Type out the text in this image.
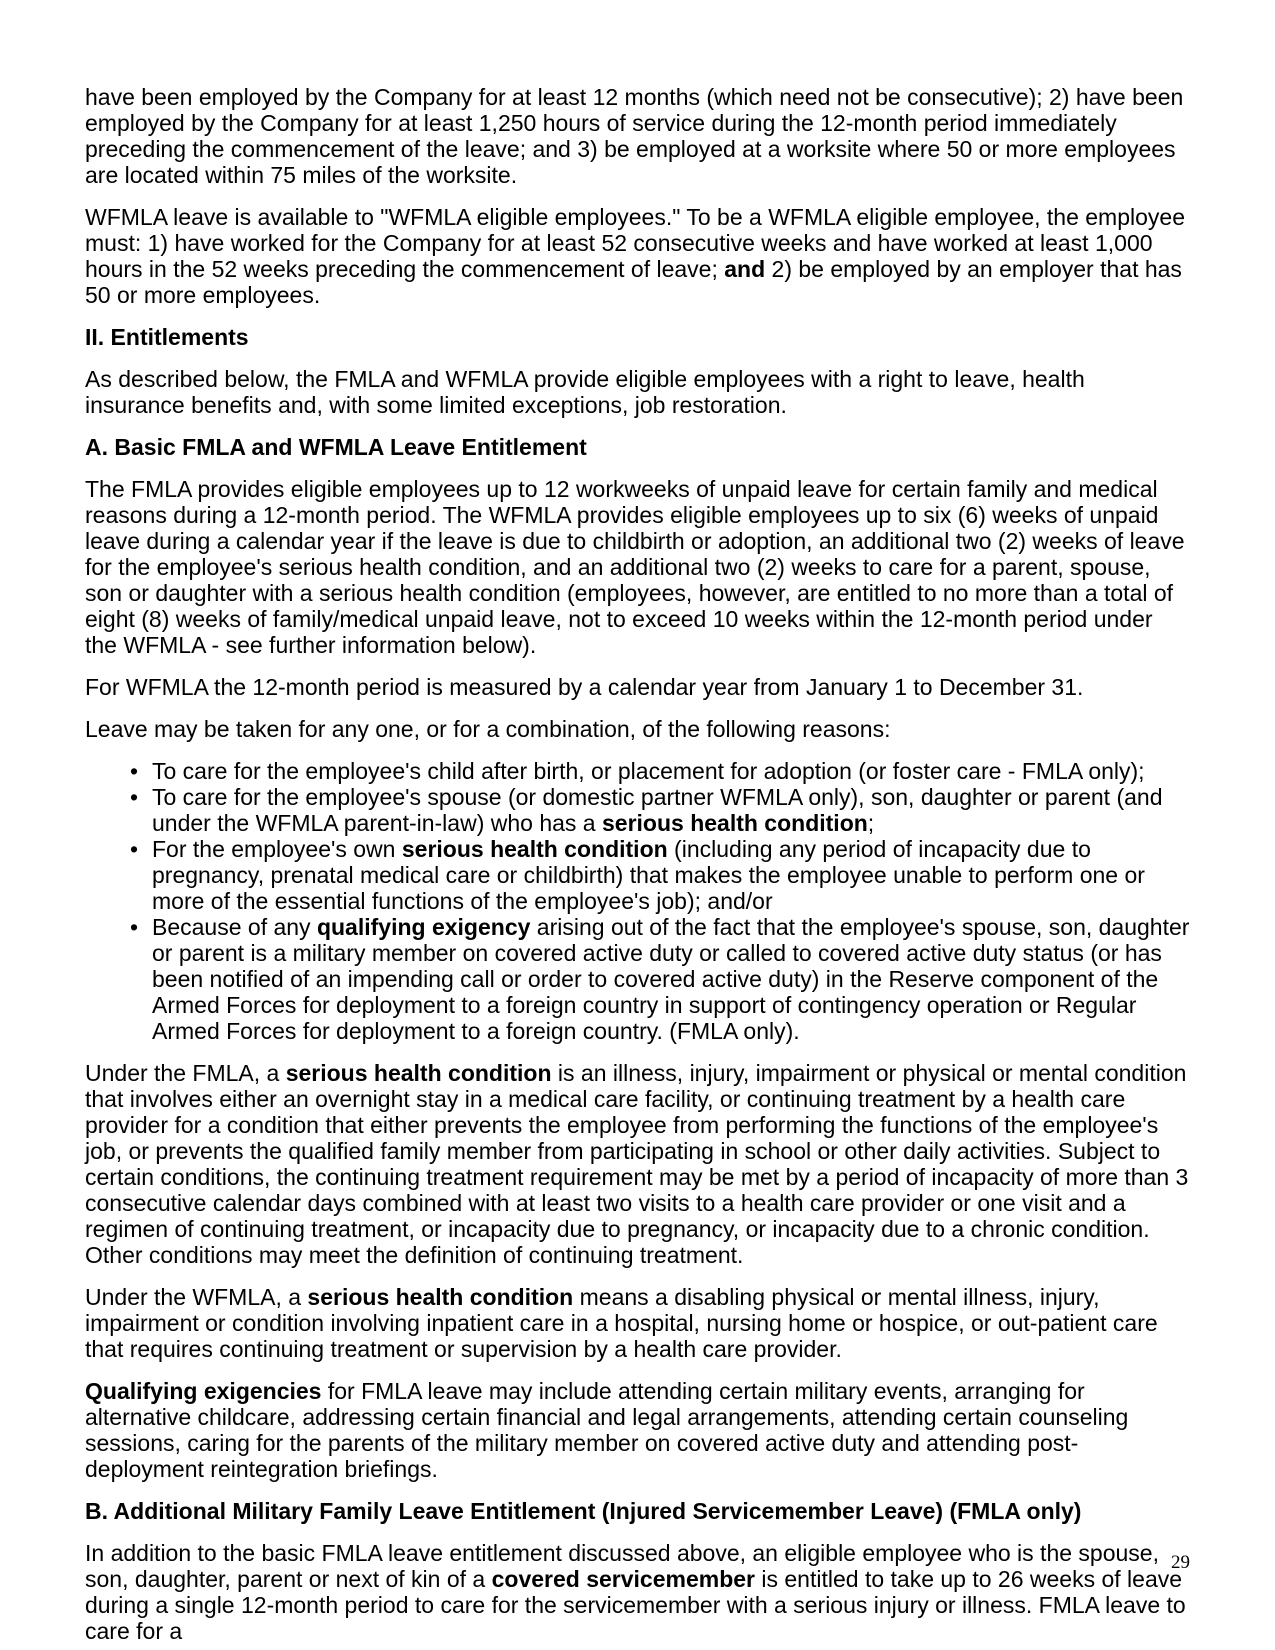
have been employed by the Company for at least 12 months (which need not be consecutive); 2) have been employed by the Company for at least 1,250 hours of service during the 12-month period immediately preceding the commencement of the leave; and 3) be employed at a worksite where 50 or more employees are located within 75 miles of the worksite.

WFMLA leave is available to "WFMLA eligible employees." To be a WFMLA eligible employee, the employee must: 1) have worked for the Company for at least 52 consecutive weeks and have worked at least 1,000 hours in the 52 weeks preceding the commencement of leave; and 2) be employed by an employer that has 50 or more employees.

II. Entitlements

As described below, the FMLA and WFMLA provide eligible employees with a right to leave, health insurance benefits and, with some limited exceptions, job restoration.

A. Basic FMLA and WFMLA Leave Entitlement

The FMLA provides eligible employees up to 12 workweeks of unpaid leave for certain family and medical reasons during a 12-month period. The WFMLA provides eligible employees up to six (6) weeks of unpaid leave during a calendar year if the leave is due to childbirth or adoption, an additional two (2) weeks of leave for the employee's serious health condition, and an additional two (2) weeks to care for a parent, spouse, son or daughter with a serious health condition (employees, however, are entitled to no more than a total of eight (8) weeks of family/medical unpaid leave, not to exceed 10 weeks within the 12-month period under the WFMLA - see further information below).

For WFMLA the 12-month period is measured by a calendar year from January 1 to December 31.

Leave may be taken for any one, or for a combination, of the following reasons:

• To care for the employee's child after birth, or placement for adoption (or foster care - FMLA only);
• To care for the employee's spouse (or domestic partner WFMLA only), son, daughter or parent (and under the WFMLA parent-in-law) who has a serious health condition;
• For the employee's own serious health condition (including any period of incapacity due to pregnancy, prenatal medical care or childbirth) that makes the employee unable to perform one or more of the essential functions of the employee's job); and/or
• Because of any qualifying exigency arising out of the fact that the employee's spouse, son, daughter or parent is a military member on covered active duty or called to covered active duty status (or has been notified of an impending call or order to covered active duty) in the Reserve component of the Armed Forces for deployment to a foreign country in support of contingency operation or Regular Armed Forces for deployment to a foreign country. (FMLA only).

Under the FMLA, a serious health condition is an illness, injury, impairment or physical or mental condition that involves either an overnight stay in a medical care facility, or continuing treatment by a health care provider for a condition that either prevents the employee from performing the functions of the employee's job, or prevents the qualified family member from participating in school or other daily activities. Subject to certain conditions, the continuing treatment requirement may be met by a period of incapacity of more than 3 consecutive calendar days combined with at least two visits to a health care provider or one visit and a regimen of continuing treatment, or incapacity due to pregnancy, or incapacity due to a chronic condition. Other conditions may meet the definition of continuing treatment.

Under the WFMLA, a serious health condition means a disabling physical or mental illness, injury, impairment or condition involving inpatient care in a hospital, nursing home or hospice, or out-patient care that requires continuing treatment or supervision by a health care provider.

Qualifying exigencies for FMLA leave may include attending certain military events, arranging for alternative childcare, addressing certain financial and legal arrangements, attending certain counseling sessions, caring for the parents of the military member on covered active duty and attending post-deployment reintegration briefings.

B. Additional Military Family Leave Entitlement (Injured Servicemember Leave) (FMLA only)

In addition to the basic FMLA leave entitlement discussed above, an eligible employee who is the spouse, son, daughter, parent or next of kin of a covered servicemember is entitled to take up to 26 weeks of leave during a single 12-month period to care for the servicemember with a serious injury or illness. FMLA leave to care for a

29
